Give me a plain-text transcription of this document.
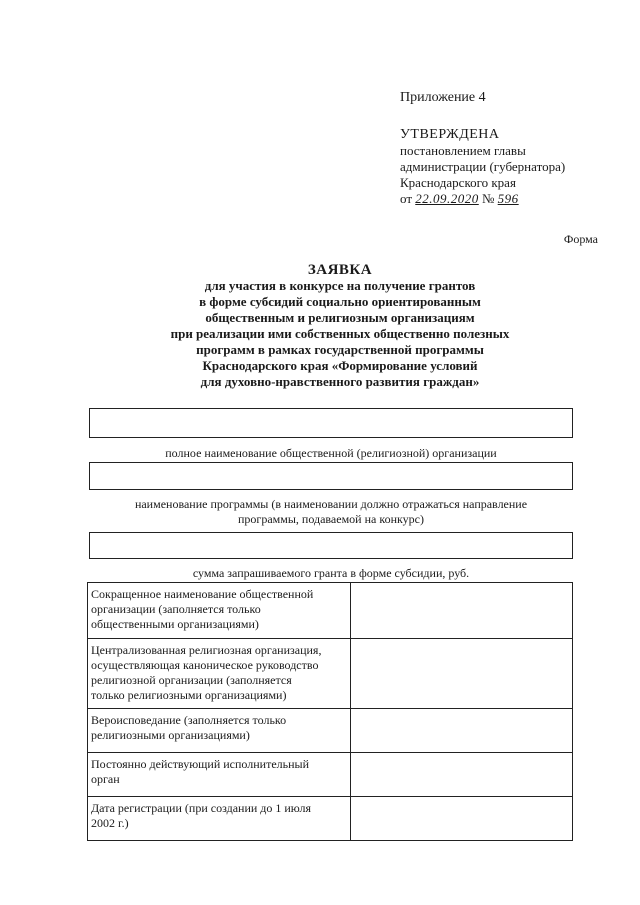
Приложение 4
УТВЕРЖДЕНА
постановлением главы
администрации (губернатора)
Краснодарского края
от 22.09.2020 № 596
Форма
ЗАЯВКА
для участия в конкурсе на получение грантов
в форме субсидий социально ориентированным
общественным и религиозным организациям
при реализации ими собственных общественно полезных
программ в рамках государственной программы
Краснодарского края «Формирование условий
для духовно-нравственного развития граждан»
полное наименование общественной (религиозной) организации
наименование программы (в наименовании должно отражаться направление
программы, подаваемой на конкурс)
сумма запрашиваемого гранта в форме субсидии, руб.
Сокращенное наименование общественной
организации (заполняется только
общественными организациями)	

Централизованная религиозная организация,
осуществляющая каноническое руководство
религиозной организации (заполняется
только религиозными организациями)	

Вероисповедание (заполняется только
религиозными организациями)	

Постоянно действующий исполнительный
орган	

Дата регистрации (при создании до 1 июля
2002 г.)	
